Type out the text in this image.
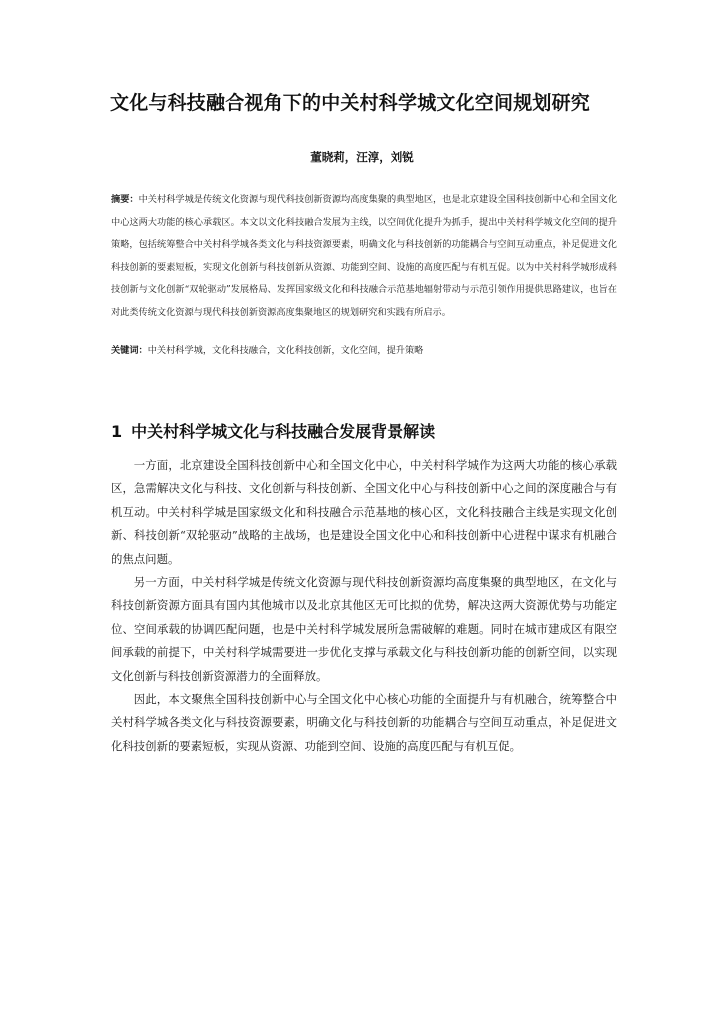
文化与科技融合视角下的中关村科学城文化空间规划研究
董晓莉，汪淳，刘锐
摘要：中关村科学城是传统文化资源与现代科技创新资源均高度集聚的典型地区，也是北京建设全国科技创新中心和全国文化中心这两大功能的核心承载区。本文以文化科技融合发展为主线，以空间优化提升为抓手，提出中关村科学城文化空间的提升策略，包括统筹整合中关村科学城各类文化与科技资源要素，明确文化与科技创新的功能耦合与空间互动重点，补足促进文化科技创新的要素短板，实现文化创新与科技创新从资源、功能到空间、设施的高度匹配与有机互促。以为中关村科学城形成科技创新与文化创新“双轮驱动”发展格局、发挥国家级文化和科技融合示范基地辐射带动与示范引领作用提供思路建议，也旨在对此类传统文化资源与现代科技创新资源高度集聚地区的规划研究和实践有所启示。
关键词：中关村科学城，文化科技融合，文化科技创新，文化空间，提升策略
1 中关村科学城文化与科技融合发展背景解读

一方面，北京建设全国科技创新中心和全国文化中心，中关村科学城作为这两大功能的核心承载区，急需解决文化与科技、文化创新与科技创新、全国文化中心与科技创新中心之间的深度融合与有机互动。中关村科学城是国家级文化和科技融合示范基地的核心区，文化科技融合主线是实现文化创新、科技创新“双轮驱动”战略的主战场，也是建设全国文化中心和科技创新中心进程中谋求有机融合的焦点问题。

另一方面，中关村科学城是传统文化资源与现代科技创新资源均高度集聚的典型地区，在文化与科技创新资源方面具有国内其他城市以及北京其他区无可比拟的优势，解决这两大资源优势与功能定位、空间承载的协调匹配问题，也是中关村科学城发展所急需破解的难题。同时在城市建成区有限空间承载的前提下，中关村科学城需要进一步优化支撑与承载文化与科技创新功能的创新空间，以实现文化创新与科技创新资源潜力的全面释放。

因此，本文聚焦全国科技创新中心与全国文化中心核心功能的全面提升与有机融合，统筹整合中关村科学城各类文化与科技资源要素，明确文化与科技创新的功能耦合与空间互动重点，补足促进文化科技创新的要素短板，实现从资源、功能到空间、设施的高度匹配与有机互促。
